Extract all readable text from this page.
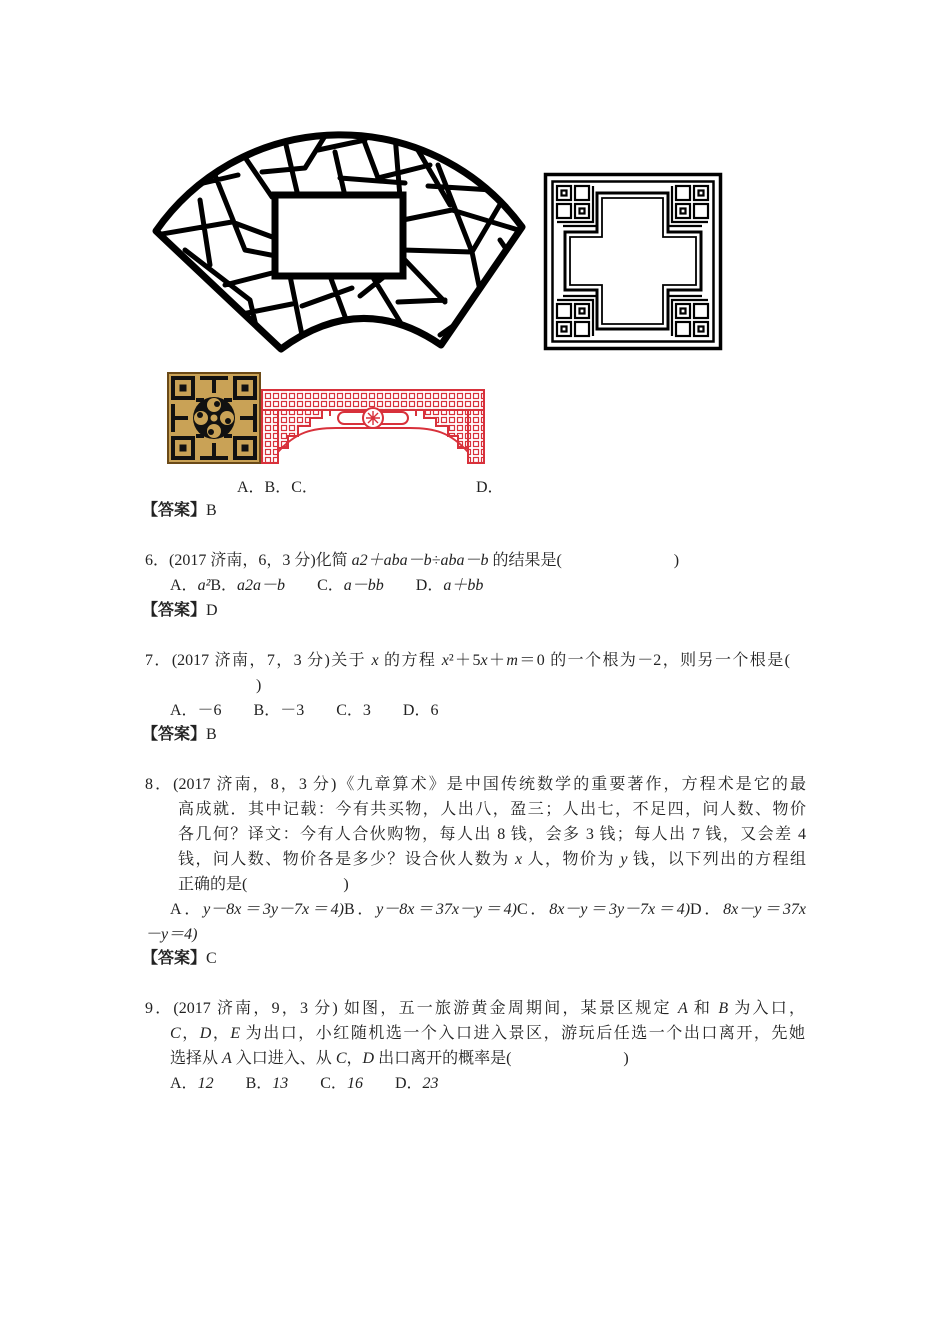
A．B．C．	D．
【答案】B
6．(2017 济南，6，3 分)化简 a2＋aba－b÷aba－b 的结果是(　　　　　　　)
A．a²B．a2a－b　　C．a－bb　　D．a＋bb
【答案】D
7．(2017 济南，7，3 分)关于 x 的方程 x²＋5x＋m＝0 的一个根为－2，则另一个根是(
)
A．－6　　B．－3　　C．3　　D．6
【答案】B
8．(2017 济南，8，3 分)《九章算术》是中国传统数学的重要著作，方程术是它的最
高成就．其中记载：今有共买物，人出八，盈三；人出七，不足四，问人数、物价
各几何？译文：今有人合伙购物，每人出 8 钱，会多 3 钱；每人出 7 钱，又会差 4
钱，问人数、物价各是多少？设合伙人数为 x 人，物价为 y 钱，以下列出的方程组
正确的是(　　　　　　)
A．y－8x＝3y－7x＝4)B．y－8x＝37x－y＝4)C．8x－y＝3y－7x＝4)D．8x－y＝37x
－y＝4)
【答案】C
9．(2017 济南，9，3 分) 如图，五一旅游黄金周期间，某景区规定 A 和 B 为入口，
C，D，E 为出口，小红随机选一个入口进入景区，游玩后任选一个出口离开，先她
选择从 A 入口进入、从 C，D 出口离开的概率是(　　　　　　　)
A．12　　B．13　　C．16　　D．23
